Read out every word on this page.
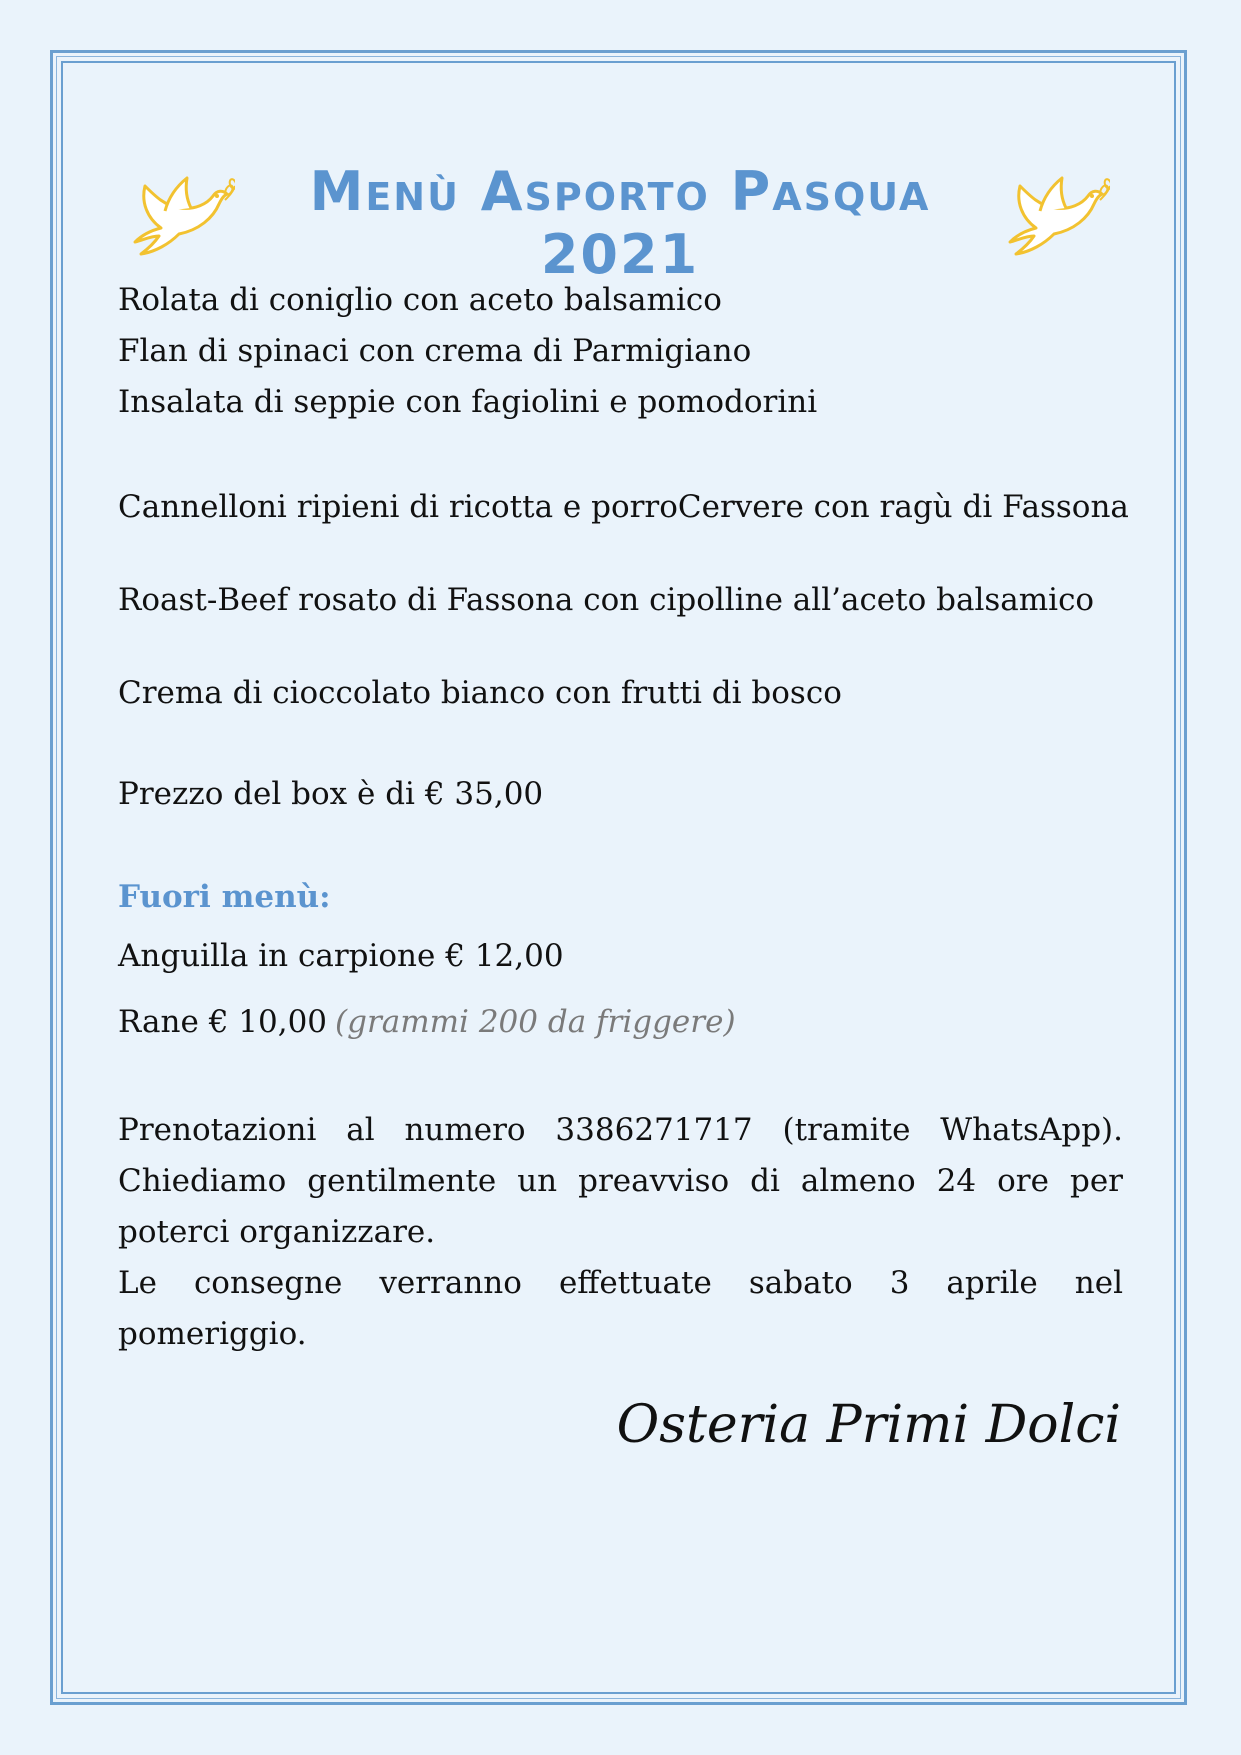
Menù Asporto Pasqua 2021
Rolata di coniglio con aceto balsamico
Flan di spinaci con crema di Parmigiano
Insalata di seppie con fagiolini e pomodorini
Cannelloni ripieni di ricotta e porroCervere con ragù di Fassona
Roast-Beef rosato di Fassona con cipolline all’aceto balsamico
Crema di cioccolato bianco con frutti di bosco
Prezzo del box è di € 35,00
Fuori menù:
Anguilla in carpione € 12,00
Rane € 10,00 (grammi 200 da friggere)
Prenotazioni al numero 3386271717 (tramite WhatsApp). Chiediamo gentilmente un preavviso di almeno 24 ore per poterci organizzare.
Le consegne verranno effettuate sabato 3 aprile nel pomeriggio.
Osteria Primi Dolci
